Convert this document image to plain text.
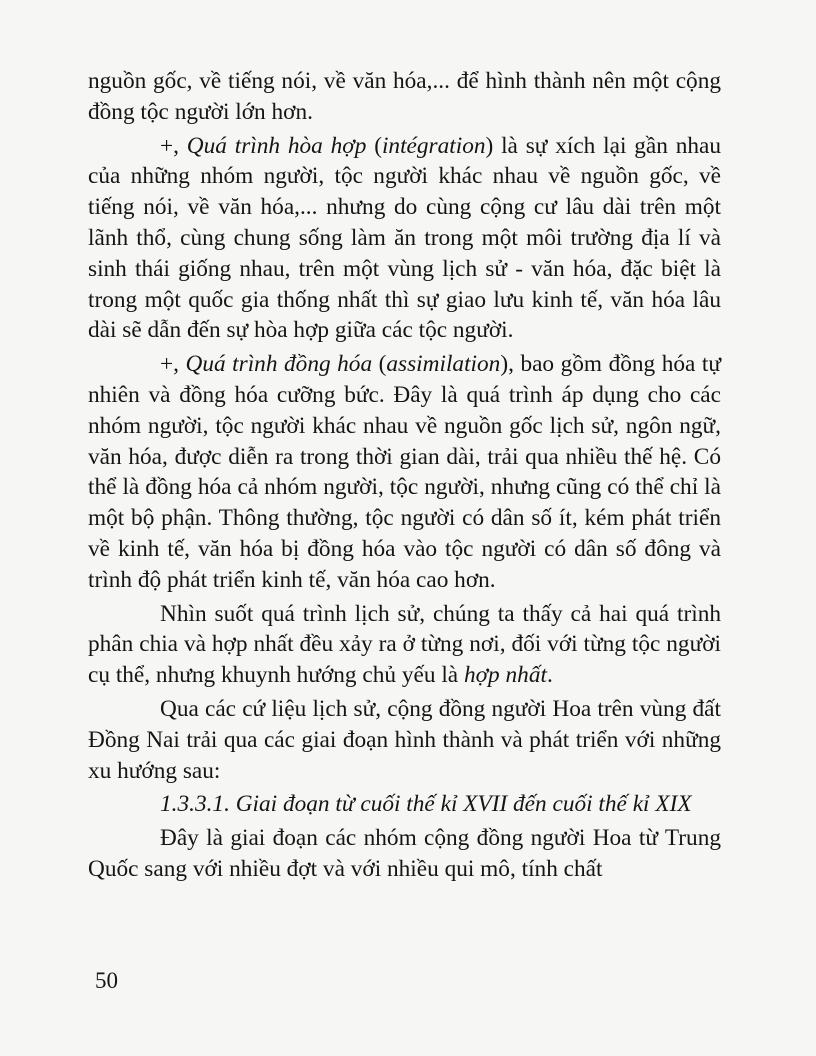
nguồn gốc, về tiếng nói, về văn hóa,... để hình thành nên một cộng đồng tộc người lớn hơn.

+, Quá trình hòa hợp (intégration) là sự xích lại gần nhau của những nhóm người, tộc người khác nhau về nguồn gốc, về tiếng nói, về văn hóa,... nhưng do cùng cộng cư lâu dài trên một lãnh thổ, cùng chung sống làm ăn trong một môi trường địa lí và sinh thái giống nhau, trên một vùng lịch sử - văn hóa, đặc biệt là trong một quốc gia thống nhất thì sự giao lưu kinh tế, văn hóa lâu dài sẽ dẫn đến sự hòa hợp giữa các tộc người.

+, Quá trình đồng hóa (assimilation), bao gồm đồng hóa tự nhiên và đồng hóa cưỡng bức. Đây là quá trình áp dụng cho các nhóm người, tộc người khác nhau về nguồn gốc lịch sử, ngôn ngữ, văn hóa, được diễn ra trong thời gian dài, trải qua nhiều thế hệ. Có thể là đồng hóa cả nhóm người, tộc người, nhưng cũng có thể chỉ là một bộ phận. Thông thường, tộc người có dân số ít, kém phát triển về kinh tế, văn hóa bị đồng hóa vào tộc người có dân số đông và trình độ phát triển kinh tế, văn hóa cao hơn.

Nhìn suốt quá trình lịch sử, chúng ta thấy cả hai quá trình phân chia và hợp nhất đều xảy ra ở từng nơi, đối với từng tộc người cụ thể, nhưng khuynh hướng chủ yếu là hợp nhất.

Qua các cứ liệu lịch sử, cộng đồng người Hoa trên vùng đất Đồng Nai trải qua các giai đoạn hình thành và phát triển với những xu hướng sau:

1.3.3.1. Giai đoạn từ cuối thế kỉ XVII đến cuối thế kỉ XIX

Đây là giai đoạn các nhóm cộng đồng người Hoa từ Trung Quốc sang với nhiều đợt và với nhiều qui mô, tính chất

50
